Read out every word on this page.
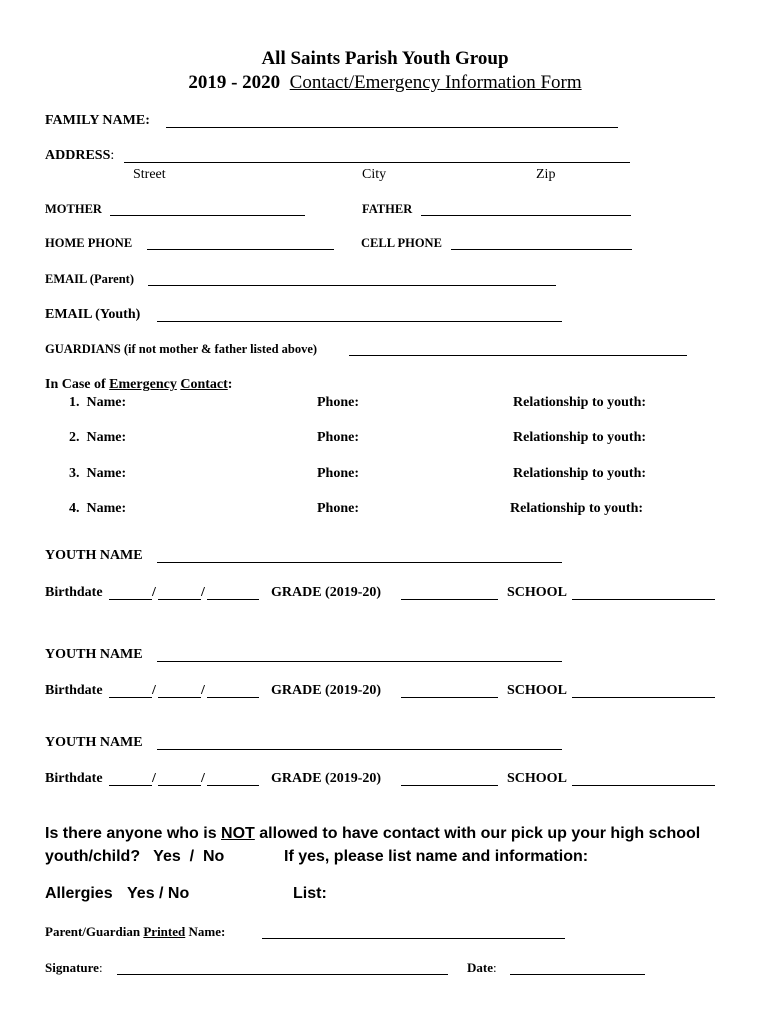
All Saints Parish Youth Group
2019 - 2020 Contact/Emergency Information Form
FAMILY NAME:
ADDRESS:
Street	City	Zip
MOTHER	FATHER
HOME PHONE	CELL PHONE
EMAIL (Parent)
EMAIL (Youth)
GUARDIANS (if not mother & father listed above)
In Case of Emergency Contact:
1. Name:	Phone:	Relationship to youth:
2. Name:	Phone:	Relationship to youth:
3. Name:	Phone:	Relationship to youth:
4. Name:	Phone:	Relationship to youth:
YOUTH NAME
Birthdate	/	/	GRADE (2019-20)	SCHOOL
YOUTH NAME
Birthdate	/	/	GRADE (2019-20)	SCHOOL
YOUTH NAME
Birthdate	/	/	GRADE (2019-20)	SCHOOL
Is there anyone who is NOT allowed to have contact with our pick up your high school
youth/child?   Yes  /  No	If yes, please list name and information:
Allergies Yes / No	List:
Parent/Guardian Printed Name:
Signature:	Date:
